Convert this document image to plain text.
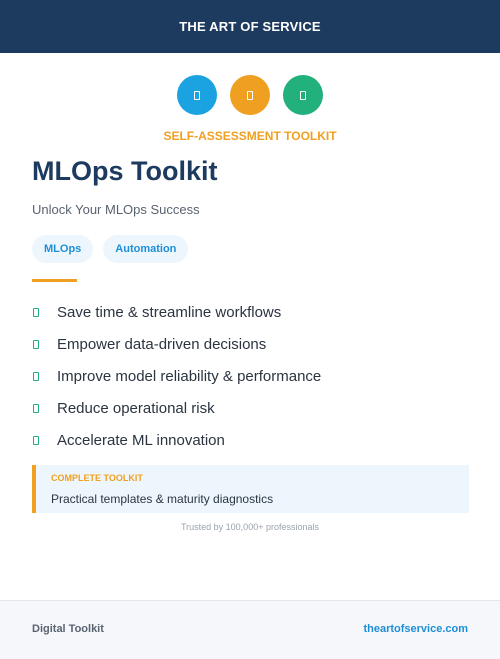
THE ART OF SERVICE
SELF-ASSESSMENT TOOLKIT
MLOps Toolkit
Unlock Your MLOps Success
MLOps	Automation
Save time & streamline workflows
Empower data-driven decisions
Improve model reliability & performance
Reduce operational risk
Accelerate ML innovation
COMPLETE TOOLKIT
Practical templates & maturity diagnostics
Trusted by 100,000+ professionals
Digital Toolkit	theartofservice.com
